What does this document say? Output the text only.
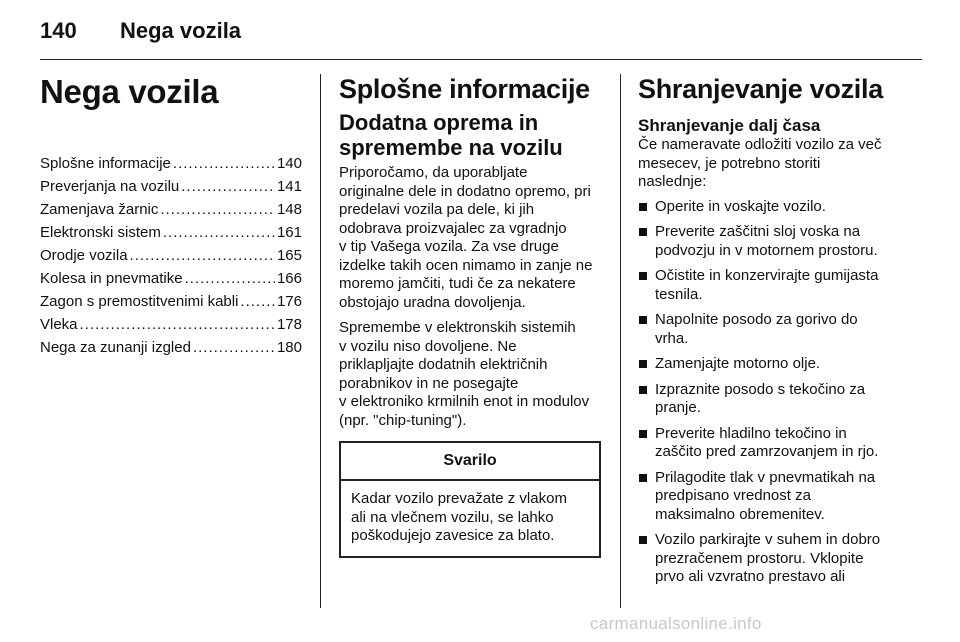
140 Nega vozila
Nega vozila
Splošne informacije .....	140
Preverjanja na vozilu .....	141
Zamenjava žarnic .....	148
Elektronski sistem .....	161
Orodje vozila .....	165
Kolesa in pnevmatike .....	166
Zagon s premostitvenimi kabli .....	176
Vleka .....	178
Nega za zunanji izgled .....	180
Splošne informacije
Dodatna oprema in
spremembe na vozilu

Priporočamo, da uporabljate
originalne dele in dodatno opremo, pri
predelavi vozila pa dele, ki jih
odobrava proizvajalec za vgradnjo
v tip Vašega vozila. Za vse druge
izdelke takih ocen nimamo in zanje ne
moremo jamčiti, tudi če za nekatere
obstojajo uradna dovoljenja.

Spremembe v elektronskih sistemih
v vozilu niso dovoljene. Ne
priklapljajte dodatnih električnih
porabnikov in ne posegajte
v elektroniko krmilnih enot in modulov
(npr. "chip-tuning").

Svarilo
Kadar vozilo prevažate z vlakom
ali na vlečnem vozilu, se lahko
poškodujejo zavesice za blato.
Shranjevanje vozila
Shranjevanje dalj časa

Če nameravate odložiti vozilo za več
mesecev, je potrebno storiti
naslednje:

Operite in voskajte vozilo.
Preverite zaščitni sloj voska na
podvozju in v motornem prostoru.
Očistite in konzervirajte gumijasta
tesnila.
Napolnite posodo za gorivo do
vrha.
Zamenjajte motorno olje.
Izpraznite posodo s tekočino za
pranje.
Preverite hladilno tekočino in
zaščito pred zamrzovanjem in rjo.
Prilagodite tlak v pnevmatikah na
predpisano vrednost za
maksimalno obremenitev.
Vozilo parkirajte v suhem in dobro
prezračenem prostoru. Vklopite
prvo ali vzvratno prestavo ali
carmanualsonline.info
